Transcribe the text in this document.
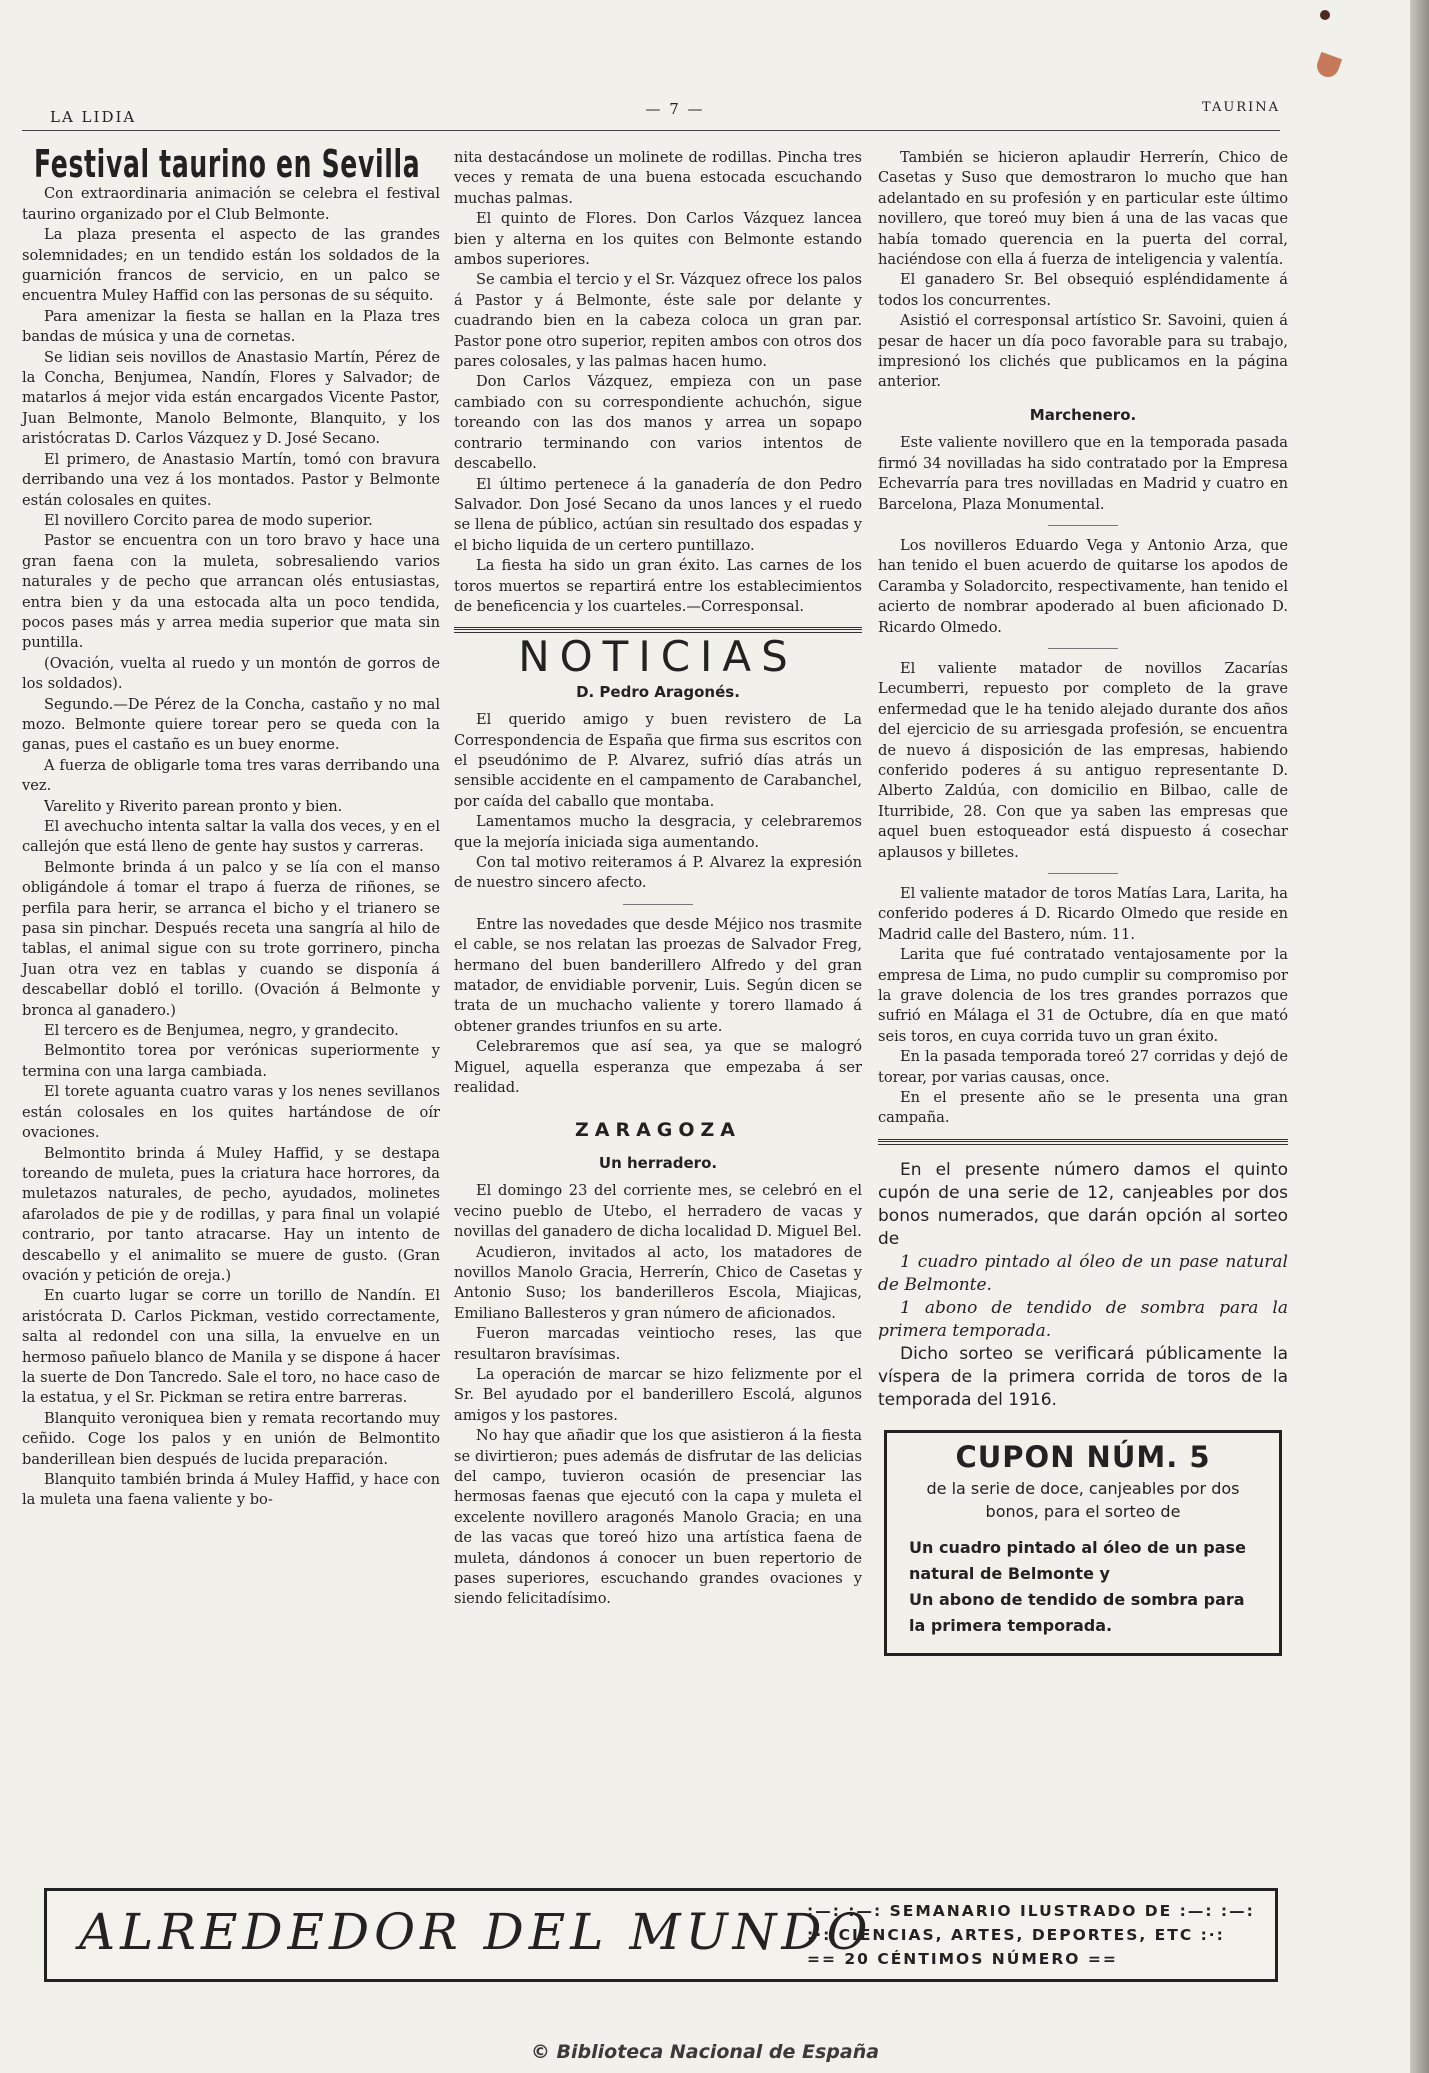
LA LIDIA	— 7 —	TAURINA
Festival taurino en Sevilla

Con extraordinaria animación se celebra el festival taurino organizado por el Club Belmonte.

La plaza presenta el aspecto de las grandes solemnidades; en un tendido están los soldados de la guarnición francos de servicio, en un palco se encuentra Muley Haffid con las personas de su séquito.

Para amenizar la fiesta se hallan en la Plaza tres bandas de música y una de cornetas.

Se lidian seis novillos de Anastasio Martín, Pérez de la Concha, Benjumea, Nandín, Flores y Salvador; de matarlos á mejor vida están encargados Vicente Pastor, Juan Belmonte, Manolo Belmonte, Blanquito, y los aristócratas D. Carlos Vázquez y D. José Secano.

El primero, de Anastasio Martín, tomó con bravura derribando una vez á los montados. Pastor y Belmonte están colosales en quites.

El novillero Corcito parea de modo superior.

Pastor se encuentra con un toro bravo y hace una gran faena con la muleta, sobresaliendo varios naturales y de pecho que arrancan olés entusiastas, entra bien y da una estocada alta un poco tendida, pocos pases más y arrea media superior que mata sin puntilla.

(Ovación, vuelta al ruedo y un montón de gorros de los soldados).

Segundo.—De Pérez de la Concha, castaño y no mal mozo. Belmonte quiere torear pero se queda con la ganas, pues el castaño es un buey enorme.

A fuerza de obligarle toma tres varas derribando una vez.

Varelito y Riverito parean pronto y bien.

El avechucho intenta saltar la valla dos veces, y en el callejón que está lleno de gente hay sustos y carreras.

Belmonte brinda á un palco y se lía con el manso obligándole á tomar el trapo á fuerza de riñones, se perfila para herir, se arranca el bicho y el trianero se pasa sin pinchar. Después receta una sangría al hilo de tablas, el animal sigue con su trote gorrinero, pincha Juan otra vez en tablas y cuando se disponía á descabellar dobló el torillo. (Ovación á Belmonte y bronca al ganadero.)

El tercero es de Benjumea, negro, y grandecito.

Belmontito torea por verónicas superiormente y termina con una larga cambiada.

El torete aguanta cuatro varas y los nenes sevillanos están colosales en los quites hartándose de oír ovaciones.

Belmontito brinda á Muley Haffid, y se destapa toreando de muleta, pues la criatura hace horrores, da muletazos naturales, de pecho, ayudados, molinetes afarolados de pie y de rodillas, y para final un volapié contrario, por tanto atracarse. Hay un intento de descabello y el animalito se muere de gusto. (Gran ovación y petición de oreja.)

En cuarto lugar se corre un torillo de Nandín. El aristócrata D. Carlos Pickman, vestido correctamente, salta al redondel con una silla, la envuelve en un hermoso pañuelo blanco de Manila y se dispone á hacer la suerte de Don Tancredo. Sale el toro, no hace caso de la estatua, y el Sr. Pickman se retira entre barreras.

Blanquito veroniquea bien y remata recortando muy ceñido. Coge los palos y en unión de Belmontito banderillean bien después de lucida preparación.

Blanquito también brinda á Muley Haffid, y hace con la muleta una faena valiente y bo-

nita destacándose un molinete de rodillas. Pincha tres veces y remata de una buena estocada escuchando muchas palmas.

El quinto de Flores. Don Carlos Vázquez lancea bien y alterna en los quites con Belmonte estando ambos superiores.

Se cambia el tercio y el Sr. Vázquez ofrece los palos á Pastor y á Belmonte, éste sale por delante y cuadrando bien en la cabeza coloca un gran par. Pastor pone otro superior, repiten ambos con otros dos pares colosales, y las palmas hacen humo.

Don Carlos Vázquez, empieza con un pase cambiado con su correspondiente achuchón, sigue toreando con las dos manos y arrea un sopapo contrario terminando con varios intentos de descabello.

El último pertenece á la ganadería de don Pedro Salvador. Don José Secano da unos lances y el ruedo se llena de público, actúan sin resultado dos espadas y el bicho liquida de un certero puntillazo.

La fiesta ha sido un gran éxito. Las carnes de los toros muertos se repartirá entre los establecimientos de beneficencia y los cuarteles.—Corresponsal.

NOTICIAS
D. Pedro Aragonés.

El querido amigo y buen revistero de La Correspondencia de España que firma sus escritos con el pseudónimo de P. Alvarez, sufrió días atrás un sensible accidente en el campamento de Carabanchel, por caída del caballo que montaba.

Lamentamos mucho la desgracia, y celebraremos que la mejoría iniciada siga aumentando.

Con tal motivo reiteramos á P. Alvarez la expresión de nuestro sincero afecto.

Entre las novedades que desde Méjico nos trasmite el cable, se nos relatan las proezas de Salvador Freg, hermano del buen banderillero Alfredo y del gran matador, de envidiable porvenir, Luis. Según dicen se trata de un muchacho valiente y torero llamado á obtener grandes triunfos en su arte.

Celebraremos que así sea, ya que se malogró Miguel, aquella esperanza que empezaba á ser realidad.

ZARAGOZA
Un herradero.

El domingo 23 del corriente mes, se celebró en el vecino pueblo de Utebo, el herradero de vacas y novillas del ganadero de dicha localidad D. Miguel Bel.

Acudieron, invitados al acto, los matadores de novillos Manolo Gracia, Herrerín, Chico de Casetas y Antonio Suso; los banderilleros Escola, Miajicas, Emiliano Ballesteros y gran número de aficionados.

Fueron marcadas veintiocho reses, las que resultaron bravísimas.

La operación de marcar se hizo felizmente por el Sr. Bel ayudado por el banderillero Escolá, algunos amigos y los pastores.

No hay que añadir que los que asistieron á la fiesta se divirtieron; pues además de disfrutar de las delicias del campo, tuvieron ocasión de presenciar las hermosas faenas que ejecutó con la capa y muleta el excelente novillero aragonés Manolo Gracia; en una de las vacas que toreó hizo una artística faena de muleta, dándonos á conocer un buen repertorio de pases superiores, escuchando grandes ovaciones y siendo felicitadísimo.

También se hicieron aplaudir Herrerín, Chico de Casetas y Suso que demostraron lo mucho que han adelantado en su profesión y en particular este último novillero, que toreó muy bien á una de las vacas que había tomado querencia en la puerta del corral, haciéndose con ella á fuerza de inteligencia y valentía.

El ganadero Sr. Bel obsequió espléndidamente á todos los concurrentes.

Asistió el corresponsal artístico Sr. Savoini, quien á pesar de hacer un día poco favorable para su trabajo, impresionó los clichés que publicamos en la página anterior.

Marchenero.

Este valiente novillero que en la temporada pasada firmó 34 novilladas ha sido contratado por la Empresa Echevarría para tres novilladas en Madrid y cuatro en Barcelona, Plaza Monumental.

Los novilleros Eduardo Vega y Antonio Arza, que han tenido el buen acuerdo de quitarse los apodos de Caramba y Soladorcito, respectivamente, han tenido el acierto de nombrar apoderado al buen aficionado D. Ricardo Olmedo.

El valiente matador de novillos Zacarías Lecumberri, repuesto por completo de la grave enfermedad que le ha tenido alejado durante dos años del ejercicio de su arriesgada profesión, se encuentra de nuevo á disposición de las empresas, habiendo conferido poderes á su antiguo representante D. Alberto Zaldúa, con domicilio en Bilbao, calle de Iturribide, 28. Con que ya saben las empresas que aquel buen estoqueador está dispuesto á cosechar aplausos y billetes.

El valiente matador de toros Matías Lara, Larita, ha conferido poderes á D. Ricardo Olmedo que reside en Madrid calle del Bastero, núm. 11.

Larita que fué contratado ventajosamente por la empresa de Lima, no pudo cumplir su compromiso por la grave dolencia de los tres grandes porrazos que sufrió en Málaga el 31 de Octubre, día en que mató seis toros, en cuya corrida tuvo un gran éxito.

En la pasada temporada toreó 27 corridas y dejó de torear, por varias causas, once.

En el presente año se le presenta una gran campaña.

En el presente número damos el quinto cupón de una serie de 12, canjeables por dos bonos numerados, que darán opción al sorteo de

1 cuadro pintado al óleo de un pase natural de Belmonte.

1 abono de tendido de sombra para la primera temporada.

Dicho sorteo se verificará públicamente la víspera de la primera corrida de toros de la temporada del 1916.

CUPON NÚM. 5
de la serie de doce, canjeables por dos bonos, para el sorteo de
Un cuadro pintado al óleo de un pase natural de Belmonte y
Un abono de tendido de sombra para la primera temporada.
ALREDEDOR DEL MUNDO
:—: :—: SEMANARIO ILUSTRADO DE :—: :—:
:·: CIENCIAS, ARTES, DEPORTES, ETC :·:
== 20 CÉNTIMOS NÚMERO ==
© Biblioteca Nacional de España
